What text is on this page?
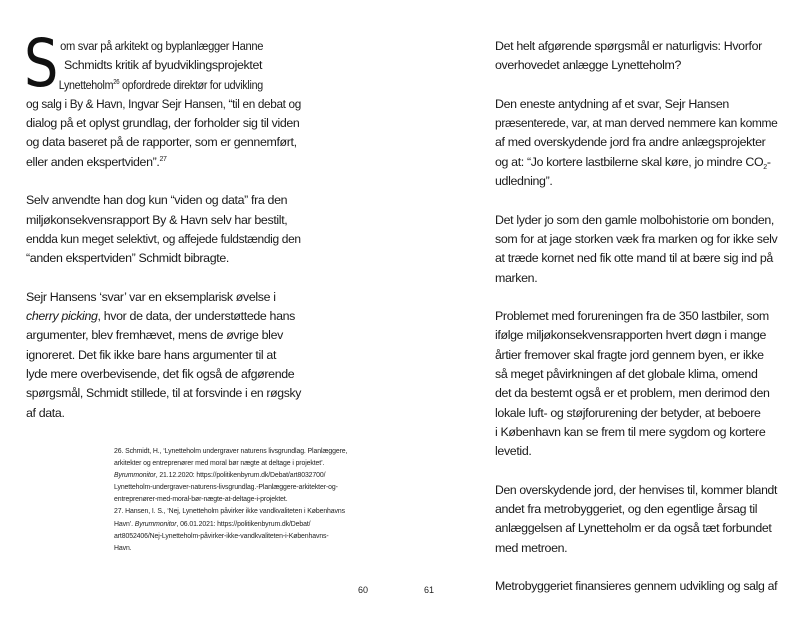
S om svar på arkitekt og byplanlægger Hanne
Schmidts kritik af byudviklingsprojektet
Lynetteholm$^{26}$ opfordrede direktør for udvikling
og salg i By & Havn, Ingvar Sejr Hansen, “til en debat og
dialog på et oplyst grundlag, der forholder sig til viden
og data baseret på de rapporter, som er gennemført,
eller anden ekspertviden”.$^{27}$
Selv anvendte han dog kun “viden og data” fra den
miljøkonsekvensrapport By & Havn selv har bestilt,
endda kun meget selektivt, og affejede fuldstændig den
“anden ekspertviden” Schmidt bibragte.
Sejr Hansens ‘svar’ var en eksemplarisk øvelse i
cherry picking, hvor de data, der understøttede hans
argumenter, blev fremhævet, mens de øvrige blev
ignoreret. Det fik ikke bare hans argumenter til at
lyde mere overbevisende, det fik også de afgørende
spørgsmål, Schmidt stillede, til at forsvinde i en røgsky
af data.
26. Schmidt, H., ‘Lynetteholm undergraver naturens livsgrundlag. Planlæggere,
arkitekter og entreprenører med moral bør nægte at deltage i projektet’.
Byrummonitor, 21.12.2020: https://politikenbyrum.dk/Debat/art8032700/
Lynetteholm-undergraver-naturens-livsgrundlag.-Planlæggere-arkitekter-og-
entreprenører-med-moral-bør-nægte-at-deltage-i-projektet.
27. Hansen, I. S., ‘Nej, Lynetteholm påvirker ikke vandkvaliteten i Københavns
Havn’. Byrummonitor, 06.01.2021: https://politikenbyrum.dk/Debat/
art8052406/Nej-Lynetteholm-påvirker-ikke-vandkvaliteten-i-Københavns-
Havn.
60
Det helt afgørende spørgsmål er naturligvis: Hvorfor
overhovedet anlægge Lynetteholm?
Den eneste antydning af et svar, Sejr Hansen
præsenterede, var, at man derved nemmere kan komme
af med overskydende jord fra andre anlægsprojekter
og at: “Jo kortere lastbilerne skal køre, jo mindre $CO_2-$
udledning”.
Det lyder jo som den gamle molbohistorie om bonden,
som for at jage storken væk fra marken og for ikke selv
at træde kornet ned fik otte mand til at bære sig ind på
marken.
Problemet med forureningen fra de 350 lastbiler, som
ifølge miljøkonsekvensrapporten hvert døgn i mange
årtier fremover skal fragte jord gennem byen, er ikke
så meget påvirkningen af det globale klima, omend
det da bestemt også er et problem, men derimod den
lokale luft- og støjforurening der betyder, at beboere
i København kan se frem til mere sygdom og kortere
levetid.
Den overskydende jord, der henvises til, kommer blandt
andet fra metrobyggeriet, og den egentlige årsag til
anlæggelsen af Lynetteholm er da også tæt forbundet
med metroen.
Metrobyggeriet finansieres gennem udvikling og salg af
61
